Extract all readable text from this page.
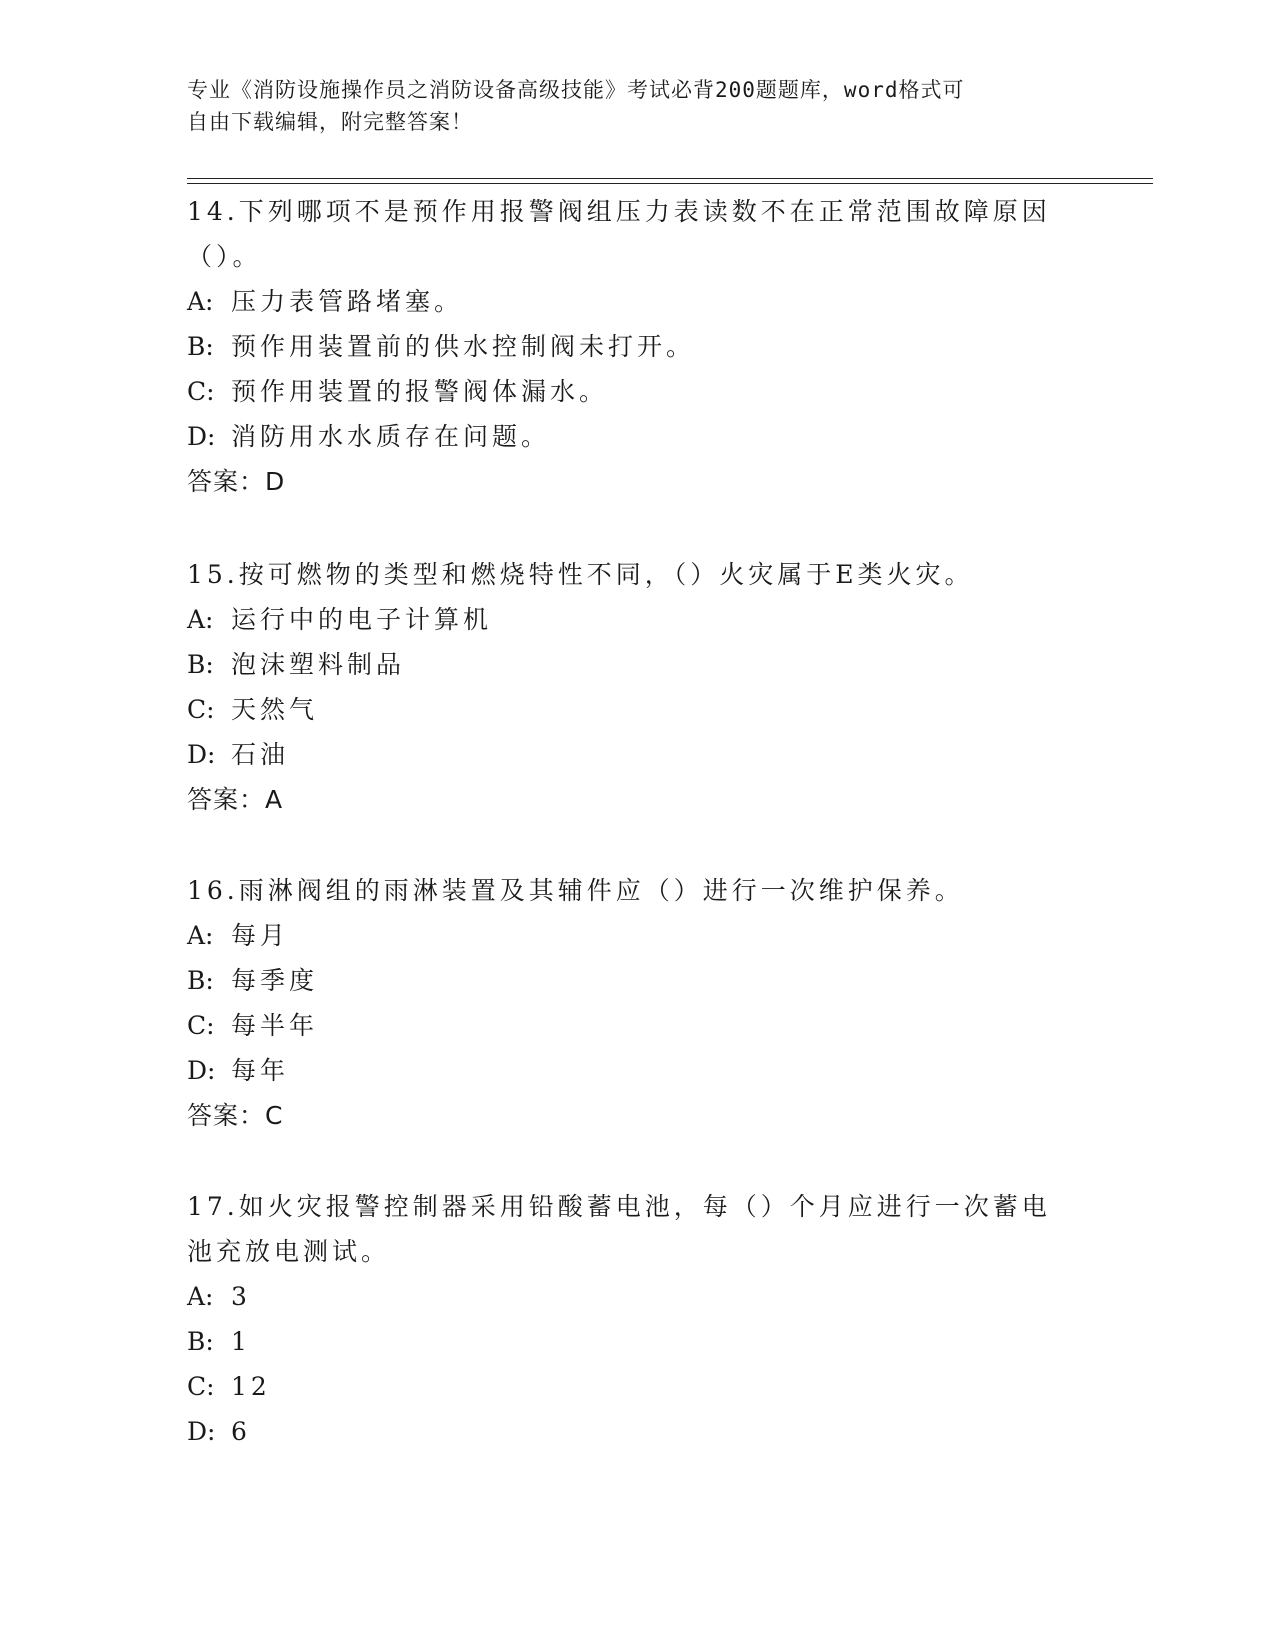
专业《消防设施操作员之消防设备高级技能》考试必背200题题库，word格式可
自由下载编辑，附完整答案！

14.下列哪项不是预作用报警阀组压力表读数不在正常范围故障原因（）。

A: 压力表管路堵塞。
B: 预作用装置前的供水控制阀未打开。
C: 预作用装置的报警阀体漏水。
D: 消防用水水质存在问题。

答案：D

15.按可燃物的类型和燃烧特性不同，（）火灾属于E类火灾。

A: 运行中的电子计算机
B: 泡沫塑料制品
C: 天然气
D: 石油

答案：A

16.雨淋阀组的雨淋装置及其辅件应（）进行一次维护保养。

A: 每月
B: 每季度
C: 每半年
D: 每年

答案：C

17.如火灾报警控制器采用铅酸蓄电池，每（）个月应进行一次蓄电池充放电测试。

A: 3
B: 1
C: 12
D: 6
